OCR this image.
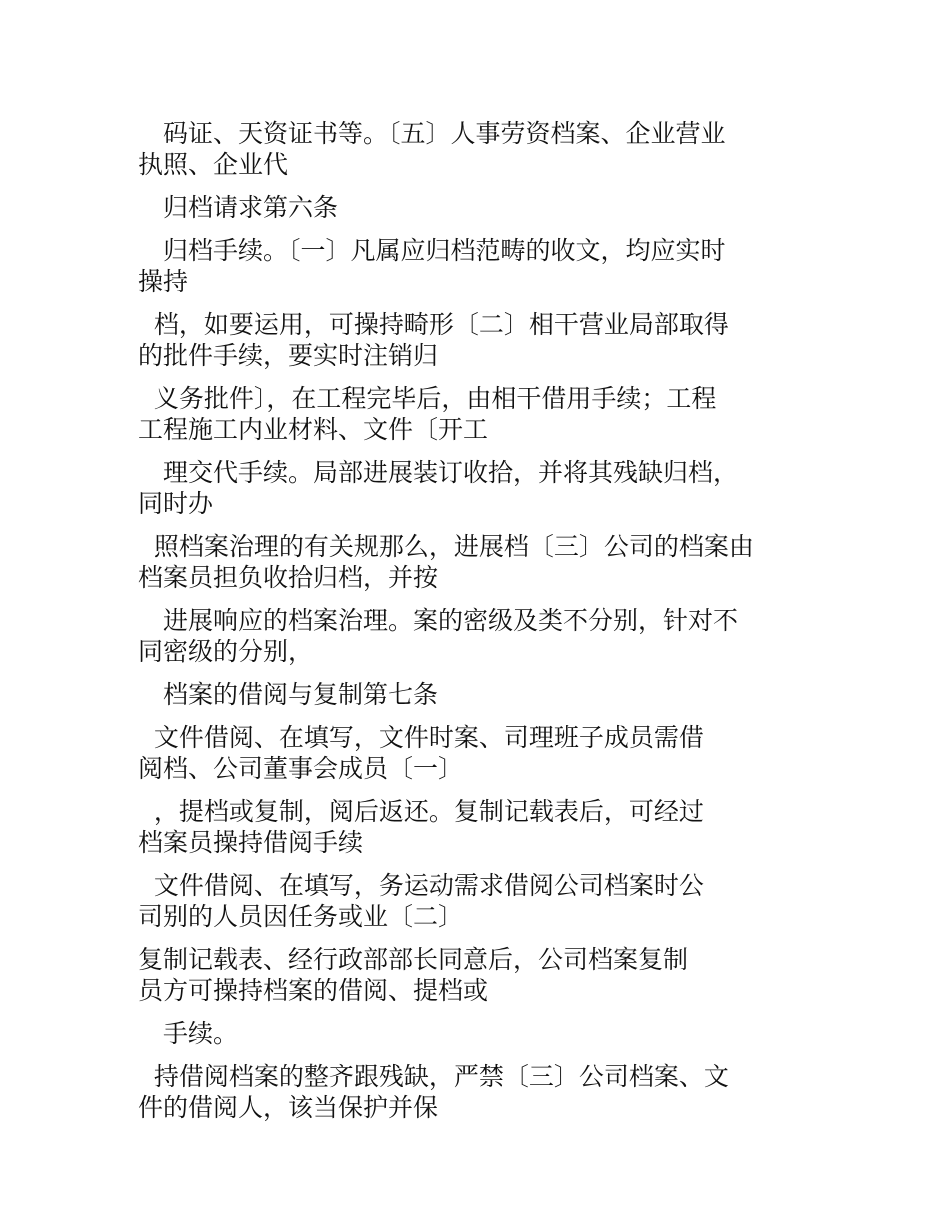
　码证、天资证书等。〔五〕人事劳资档案、企业营业
执照、企业代

　归档请求第六条

　归档手续。〔一〕凡属应归档范畴的收文，均应实时
操持

档，如要运用，可操持畸形〔二〕相干营业局部取得
的批件手续，要实时注销归

义务批件〕，在工程完毕后，由相干借用手续；工程
工程施工内业材料、文件〔开工

　理交代手续。局部进展装订收拾，并将其残缺归档，
同时办

照档案治理的有关规那么，进展档〔三〕公司的档案由
档案员担负收拾归档，并按

　进展响应的档案治理。案的密级及类不分别，针对不
同密级的分别，

　档案的借阅与复制第七条

文件借阅、在填写，文件时案、司理班子成员需借
阅档、公司董事会成员〔一〕

，提档或复制，阅后返还。复制记载表后，可经过
档案员操持借阅手续

文件借阅、在填写，务运动需求借阅公司档案时公
司别的人员因任务或业〔二〕

复制记载表、经行政部部长同意后，公司档案复制
员方可操持档案的借阅、提档或

　手续。

持借阅档案的整齐跟残缺，严禁〔三〕公司档案、文
件的借阅人，该当保护并保
